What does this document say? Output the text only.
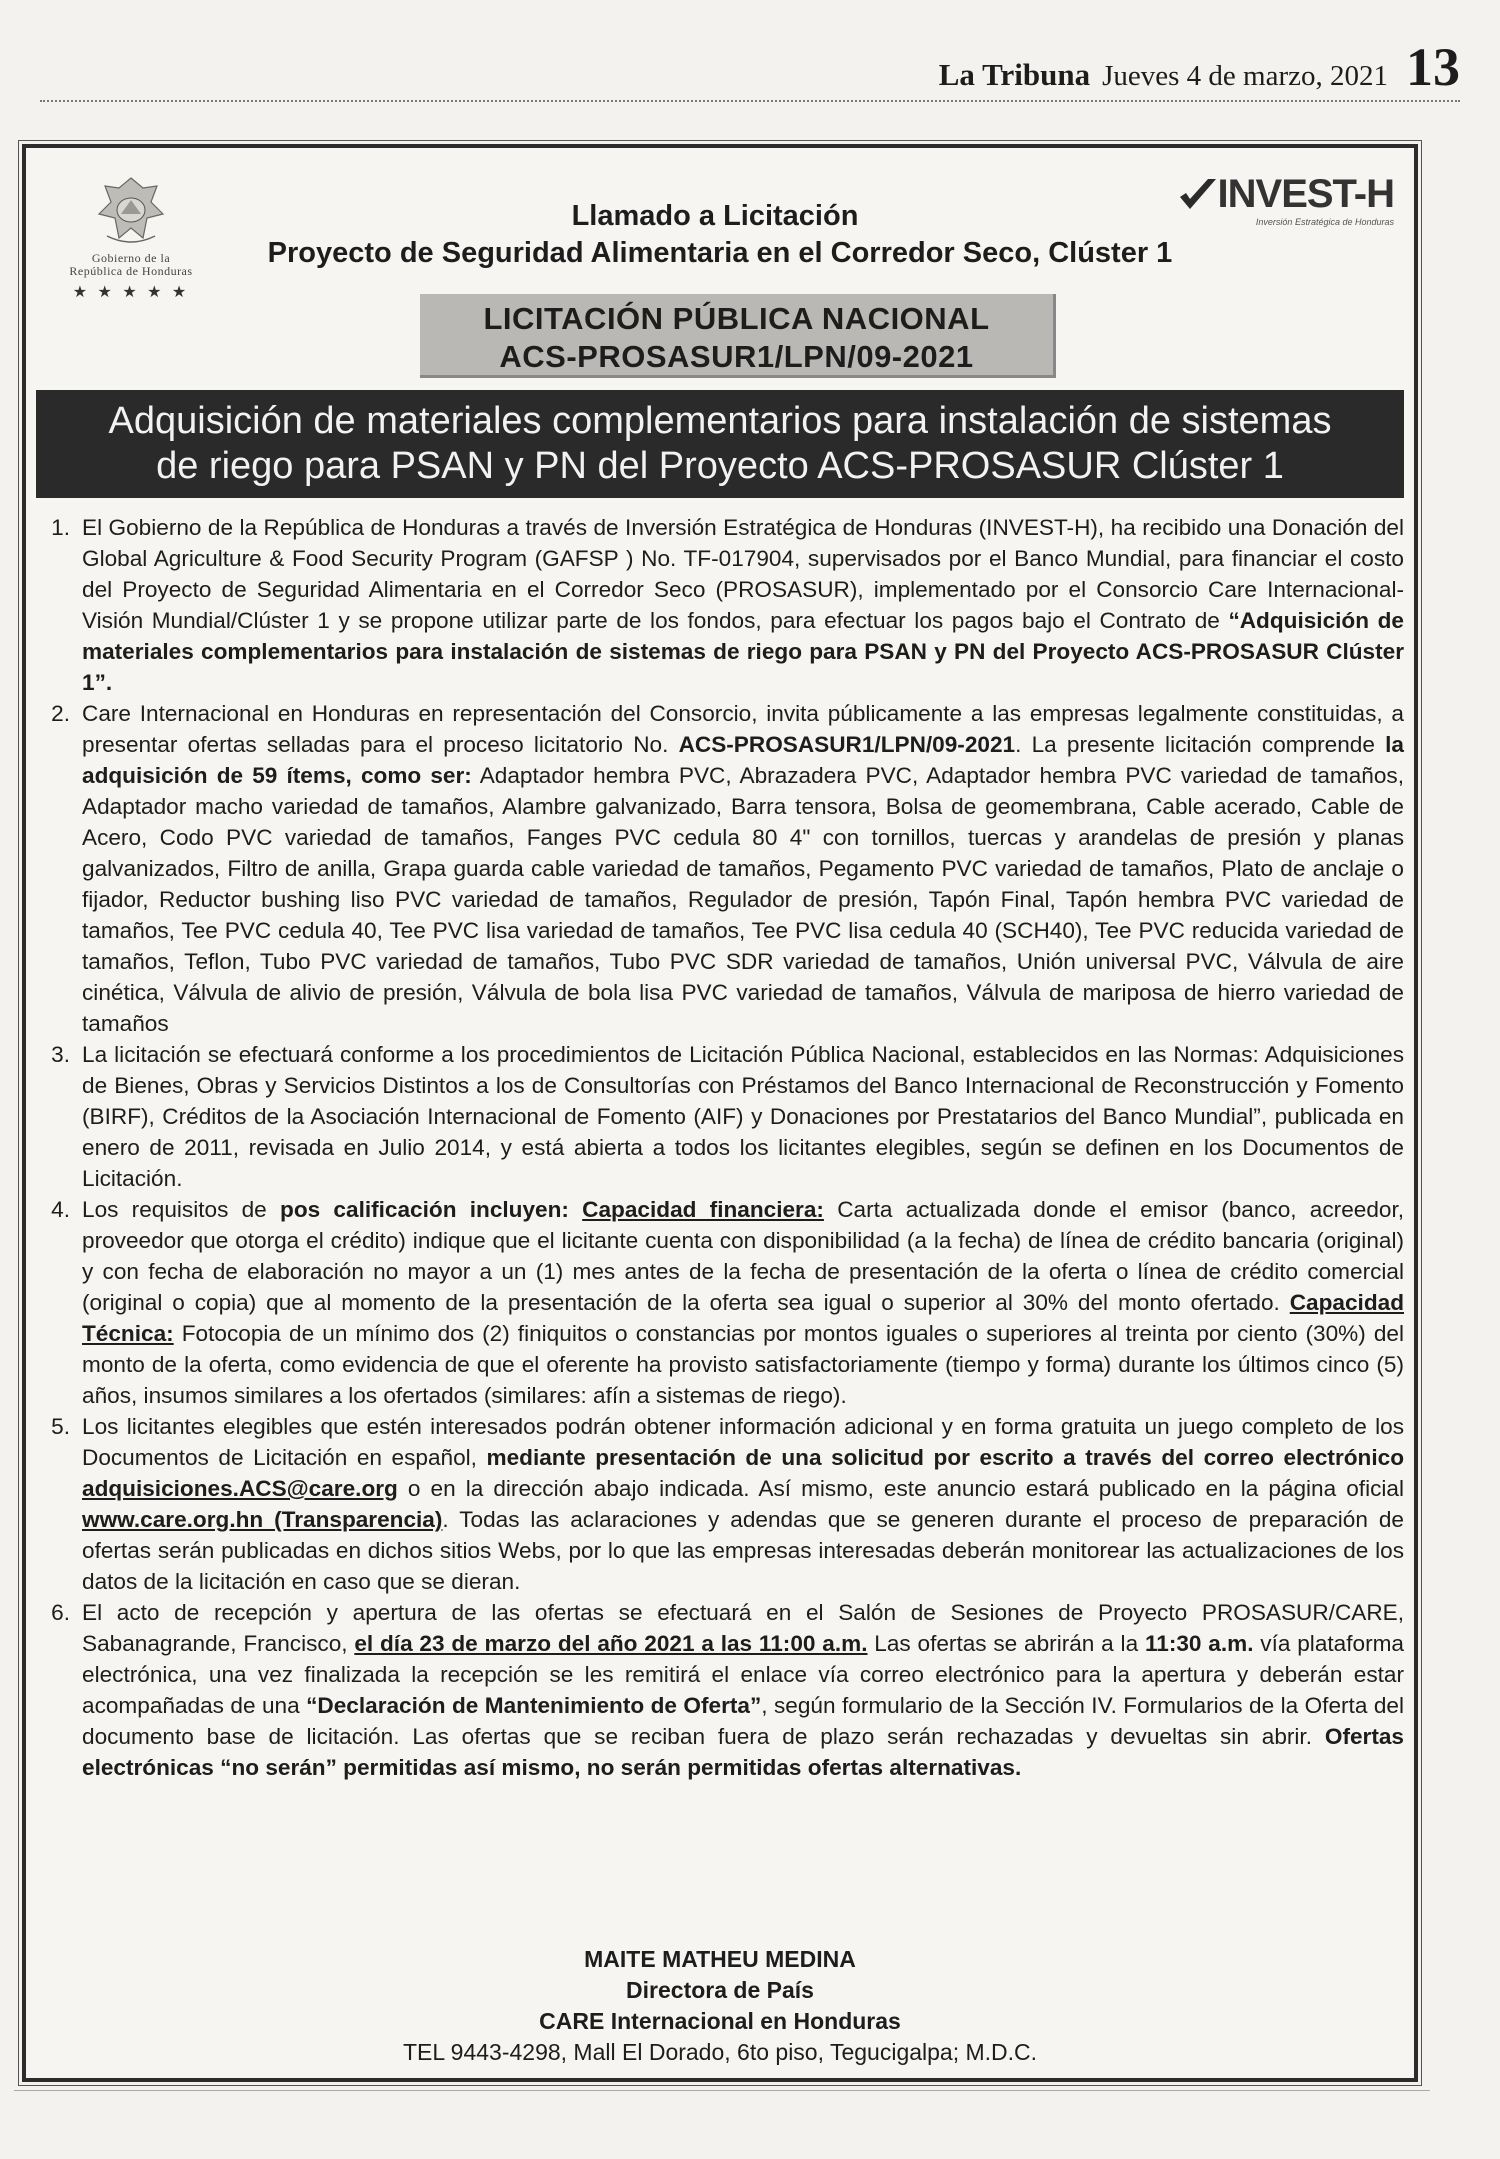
La Tribuna Jueves 4 de marzo, 2021 13
Gobierno de la
República de Honduras
★ ★ ★ ★ ★
INVEST-H
Inversión Estratégica de Honduras
Llamado a Licitación
Proyecto de Seguridad Alimentaria en el Corredor Seco, Clúster 1
LICITACIÓN PÚBLICA NACIONAL
ACS-PROSASUR1/LPN/09-2021
Adquisición de materiales complementarios para instalación de sistemas
de riego para PSAN y PN del Proyecto ACS-PROSASUR Clúster 1

1. El Gobierno de la República de Honduras a través de Inversión Estratégica de Honduras (INVEST-H), ha recibido una Donación del Global Agriculture & Food Security Program (GAFSP ) No. TF-017904, supervisados por el Banco Mundial, para financiar el costo del Proyecto de Seguridad Alimentaria en el Corredor Seco (PROSASUR), implementado por el Consorcio Care Internacional-Visión Mundial/Clúster 1 y se propone utilizar parte de los fondos, para efectuar los pagos bajo el Contrato de “Adquisición de materiales complementarios para instalación de sistemas de riego para PSAN y PN del Proyecto ACS-PROSASUR Clúster 1”.

2. Care Internacional en Honduras en representación del Consorcio, invita públicamente a las empresas legalmente constituidas, a presentar ofertas selladas para el proceso licitatorio No. ACS-PROSASUR1/LPN/09-2021. La presente licitación comprende la adquisición de 59 ítems, como ser: Adaptador hembra PVC, Abrazadera PVC, Adaptador hembra PVC variedad de tamaños, Adaptador macho variedad de tamaños, Alambre galvanizado, Barra tensora, Bolsa de geomembrana, Cable acerado, Cable de Acero, Codo PVC variedad de tamaños, Fanges PVC cedula 80 4" con tornillos, tuercas y arandelas de presión y planas galvanizados, Filtro de anilla, Grapa guarda cable variedad de tamaños, Pegamento PVC variedad de tamaños, Plato de anclaje o fijador, Reductor bushing liso PVC variedad de tamaños, Regulador de presión, Tapón Final, Tapón hembra PVC variedad de tamaños, Tee PVC cedula 40, Tee PVC lisa variedad de tamaños, Tee PVC lisa cedula 40 (SCH40), Tee PVC reducida variedad de tamaños, Teflon, Tubo PVC variedad de tamaños, Tubo PVC SDR variedad de tamaños, Unión universal PVC, Válvula de aire cinética, Válvula de alivio de presión, Válvula de bola lisa PVC variedad de tamaños, Válvula de mariposa de hierro variedad de tamaños

3. La licitación se efectuará conforme a los procedimientos de Licitación Pública Nacional, establecidos en las Normas: Adquisiciones de Bienes, Obras y Servicios Distintos a los de Consultorías con Préstamos del Banco Internacional de Reconstrucción y Fomento (BIRF), Créditos de la Asociación Internacional de Fomento (AIF) y Donaciones por Prestatarios del Banco Mundial”, publicada en enero de 2011, revisada en Julio 2014, y está abierta a todos los licitantes elegibles, según se definen en los Documentos de Licitación.

4. Los requisitos de pos calificación incluyen: Capacidad financiera: Carta actualizada donde el emisor (banco, acreedor, proveedor que otorga el crédito) indique que el licitante cuenta con disponibilidad (a la fecha) de línea de crédito bancaria (original) y con fecha de elaboración no mayor a un (1) mes antes de la fecha de presentación de la oferta o línea de crédito comercial (original o copia) que al momento de la presentación de la oferta sea igual o superior al 30% del monto ofertado. Capacidad Técnica: Fotocopia de un mínimo dos (2) finiquitos o constancias por montos iguales o superiores al treinta por ciento (30%) del monto de la oferta, como evidencia de que el oferente ha provisto satisfactoriamente (tiempo y forma) durante los últimos cinco (5) años, insumos similares a los ofertados (similares: afín a sistemas de riego).

5. Los licitantes elegibles que estén interesados podrán obtener información adicional y en forma gratuita un juego completo de los Documentos de Licitación en español, mediante presentación de una solicitud por escrito a través del correo electrónico adquisiciones.ACS@care.org o en la dirección abajo indicada. Así mismo, este anuncio estará publicado en la página oficial www.care.org.hn (Transparencia). Todas las aclaraciones y adendas que se generen durante el proceso de preparación de ofertas serán publicadas en dichos sitios Webs, por lo que las empresas interesadas deberán monitorear las actualizaciones de los datos de la licitación en caso que se dieran.

6. El acto de recepción y apertura de las ofertas se efectuará en el Salón de Sesiones de Proyecto PROSASUR/CARE, Sabanagrande, Francisco, el día 23 de marzo del año 2021 a las 11:00 a.m. Las ofertas se abrirán a la 11:30 a.m. vía plataforma electrónica, una vez finalizada la recepción se les remitirá el enlace vía correo electrónico para la apertura y deberán estar acompañadas de una “Declaración de Mantenimiento de Oferta”, según formulario de la Sección IV. Formularios de la Oferta del documento base de licitación. Las ofertas que se reciban fuera de plazo serán rechazadas y devueltas sin abrir. Ofertas electrónicas “no serán” permitidas así mismo, no serán permitidas ofertas alternativas.

MAITE MATHEU MEDINA
Directora de País
CARE Internacional en Honduras
TEL 9443-4298, Mall El Dorado, 6to piso, Tegucigalpa; M.D.C.
